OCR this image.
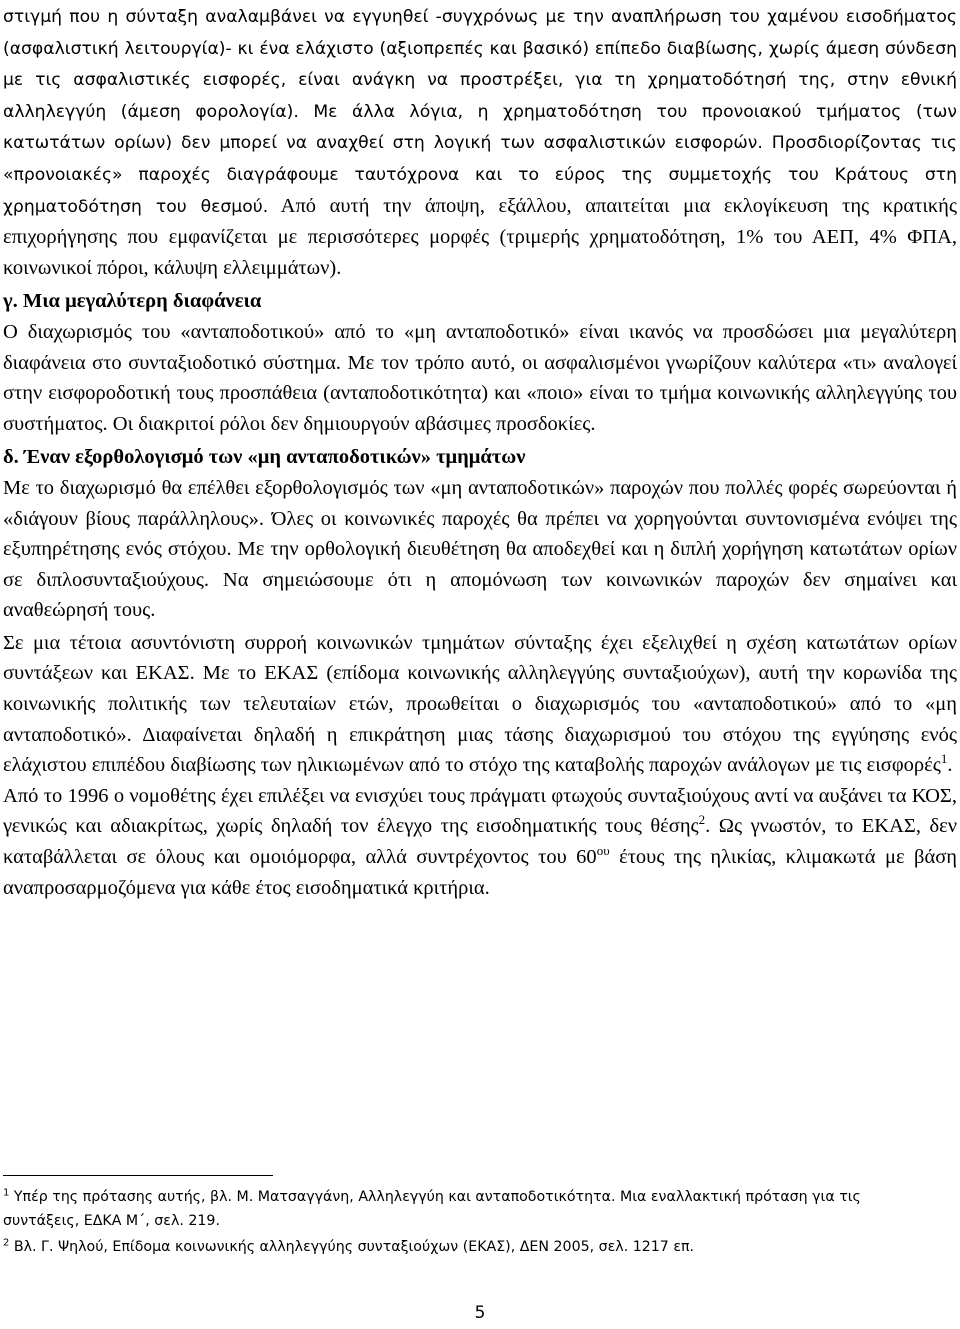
στιγμή που η σύνταξη αναλαμβάνει να εγγυηθεί -συγχρόνως με την αναπλήρωση του χαμένου εισοδήματος (ασφαλιστική λειτουργία)- κι ένα ελάχιστο (αξιοπρεπές και βασικό) επίπεδο διαβίωσης, χωρίς άμεση σύνδεση με τις ασφαλιστικές εισφορές, είναι ανάγκη να προστρέξει, για τη χρηματοδότησή της, στην εθνική αλληλεγγύη (άμεση φορολογία). Με άλλα λόγια, η χρηματοδότηση του προνοιακού τμήματος (των κατωτάτων ορίων) δεν μπορεί να αναχθεί στη λογική των ασφαλιστικών εισφορών. Προσδιορίζοντας τις «προνοιακές» παροχές διαγράφουμε ταυτόχρονα και το εύρος της συμμετοχής του Κράτους στη χρηματοδότηση του θεσμού. Από αυτή την άποψη, εξάλλου, απαιτείται μια εκλογίκευση της κρατικής επιχορήγησης που εμφανίζεται με περισσότερες μορφές (τριμερής χρηματοδότηση, 1% του ΑΕΠ, 4% ΦΠΑ, κοινωνικοί πόροι, κάλυψη ελλειμμάτων).

γ. Μια μεγαλύτερη διαφάνεια

Ο διαχωρισμός του «ανταποδοτικού» από το «μη ανταποδοτικό» είναι ικανός να προσδώσει μια μεγαλύτερη διαφάνεια στο συνταξιοδοτικό σύστημα. Με τον τρόπο αυτό, οι ασφαλισμένοι γνωρίζουν καλύτερα «τι» αναλογεί στην εισφοροδοτική τους προσπάθεια (ανταποδοτικότητα) και «ποιο» είναι το τμήμα κοινωνικής αλληλεγγύης του συστήματος. Οι διακριτοί ρόλοι δεν δημιουργούν αβάσιμες προσδοκίες.

δ. Έναν εξορθολογισμό των «μη ανταποδοτικών» τμημάτων

Με το διαχωρισμό θα επέλθει εξορθολογισμός των «μη ανταποδοτικών» παροχών που πολλές φορές σωρεύονται ή «διάγουν βίους παράλληλους». Όλες οι κοινωνικές παροχές θα πρέπει να χορηγούνται συντονισμένα ενόψει της εξυπηρέτησης ενός στόχου. Με την ορθολογική διευθέτηση θα αποδεχθεί και η διπλή χορήγηση κατωτάτων ορίων σε διπλοσυνταξιούχους. Να σημειώσουμε ότι η απομόνωση των κοινωνικών παροχών δεν σημαίνει και αναθεώρησή τους.

Σε μια τέτοια ασυντόνιστη συρροή κοινωνικών τμημάτων σύνταξης έχει εξελιχθεί η σχέση κατωτάτων ορίων συντάξεων και ΕΚΑΣ. Με το ΕΚΑΣ (επίδομα κοινωνικής αλληλεγγύης συνταξιούχων), αυτή την κορωνίδα της κοινωνικής πολιτικής των τελευταίων ετών, προωθείται ο διαχωρισμός του «ανταποδοτικού» από το «μη ανταποδοτικό». Διαφαίνεται δηλαδή η επικράτηση μιας τάσης διαχωρισμού του στόχου της εγγύησης ενός ελάχιστου επιπέδου διαβίωσης των ηλικιωμένων από το στόχο της καταβολής παροχών ανάλογων με τις εισφορές$^1$.

Από το 1996 ο νομοθέτης έχει επιλέξει να ενισχύει τους πράγματι φτωχούς συνταξιούχους αντί να αυξάνει τα ΚΟΣ, γενικώς και αδιακρίτως, χωρίς δηλαδή τον έλεγχο της εισοδηματικής τους θέσης$^2$. Ως γνωστόν, το ΕΚΑΣ, δεν καταβάλλεται σε όλους και ομοιόμορφα, αλλά συντρέχοντος του $60^{o\upsilon}$ έτους της ηλικίας, κλιμακωτά με βάση αναπροσαρμοζόμενα για κάθε έτος εισοδηματικά κριτήρια.

$^1$ Υπέρ της πρότασης αυτής, βλ. Μ. Ματσαγγάνη, Αλληλεγγύη και ανταποδοτικότητα. Μια εναλλακτική πρόταση για τις συντάξεις, ΕΔΚΑ Μ΄, σελ. 219.

$^2$ Βλ. Γ. Ψηλού, Επίδομα κοινωνικής αλληλεγγύης συνταξιούχων (ΕΚΑΣ), ΔΕΝ 2005, σελ. 1217 επ.

5
